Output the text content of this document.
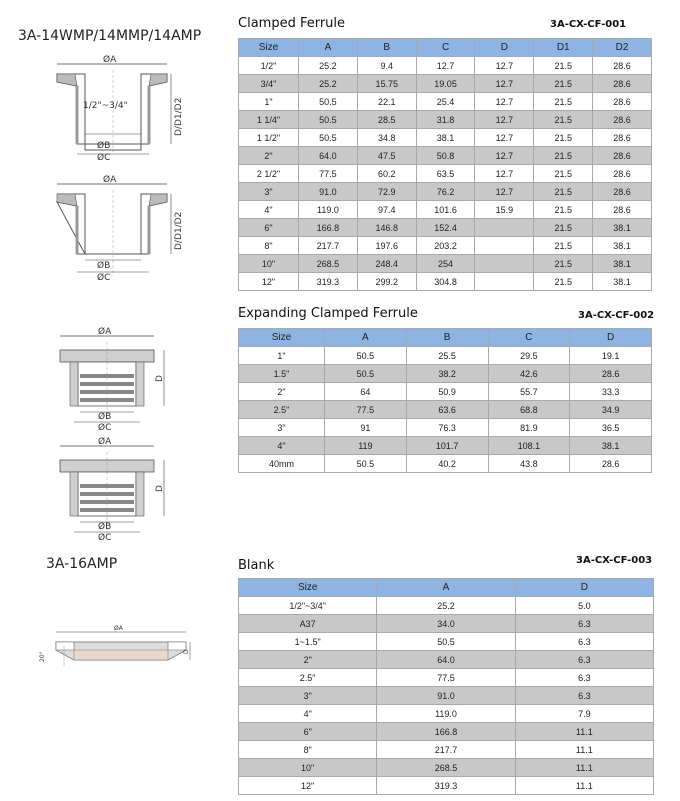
3A-14WMP/14MMP/14AMP
3A-16AMP
ØA
1/2"~3/4"
ØB
ØC
D/D1/D2
ØA
ØB
ØC
D/D1/D2
ØA
ØB
ØC
D
ØA
ØB
ØC
D
ØA
20°	D
Clamped Ferrule	3A-CX-CF-001
Size	A	B	C	D	D1	D2
1/2"	25.2	9.4	12.7	12.7	21.5	28.6
3/4"	25.2	15.75	19.05	12.7	21.5	28.6
1"	50.5	22.1	25.4	12.7	21.5	28.6
1 1/4"	50.5	28.5	31.8	12.7	21.5	28.6
1 1/2"	50.5	34.8	38.1	12.7	21.5	28.6
2"	64.0	47.5	50.8	12.7	21.5	28.6
2 1/2"	77.5	60.2	63.5	12.7	21.5	28.6
3"	91.0	72.9	76.2	12.7	21.5	28.6
4"	119.0	97.4	101.6	15.9	21.5	28.6
6"	166.8	146.8	152.4		21.5	38.1
8"	217.7	197.6	203.2		21.5	38.1
10"	268.5	248.4	254		21.5	38.1
12"	319.3	299.2	304.8		21.5	38.1
Expanding Clamped Ferrule	3A-CX-CF-002
Size	A	B	C	D
1"	50.5	25.5	29.5	19.1
1.5"	50.5	38.2	42.6	28.6
2"	64	50.9	55.7	33.3
2.5"	77.5	63.6	68.8	34.9
3"	91	76.3	81.9	36.5
4"	119	101.7	108.1	38.1
40mm	50.5	40.2	43.8	28.6
Blank	3A-CX-CF-003
Size	A	D
1/2"~3/4"	25.2	5.0
A37	34.0	6.3
1~1.5"	50.5	6.3
2"	64.0	6.3
2.5"	77.5	6.3
3"	91.0	6.3
4"	119.0	7.9
6"	166.8	11.1
8"	217.7	11.1
10"	268.5	11.1
12"	319.3	11.1
